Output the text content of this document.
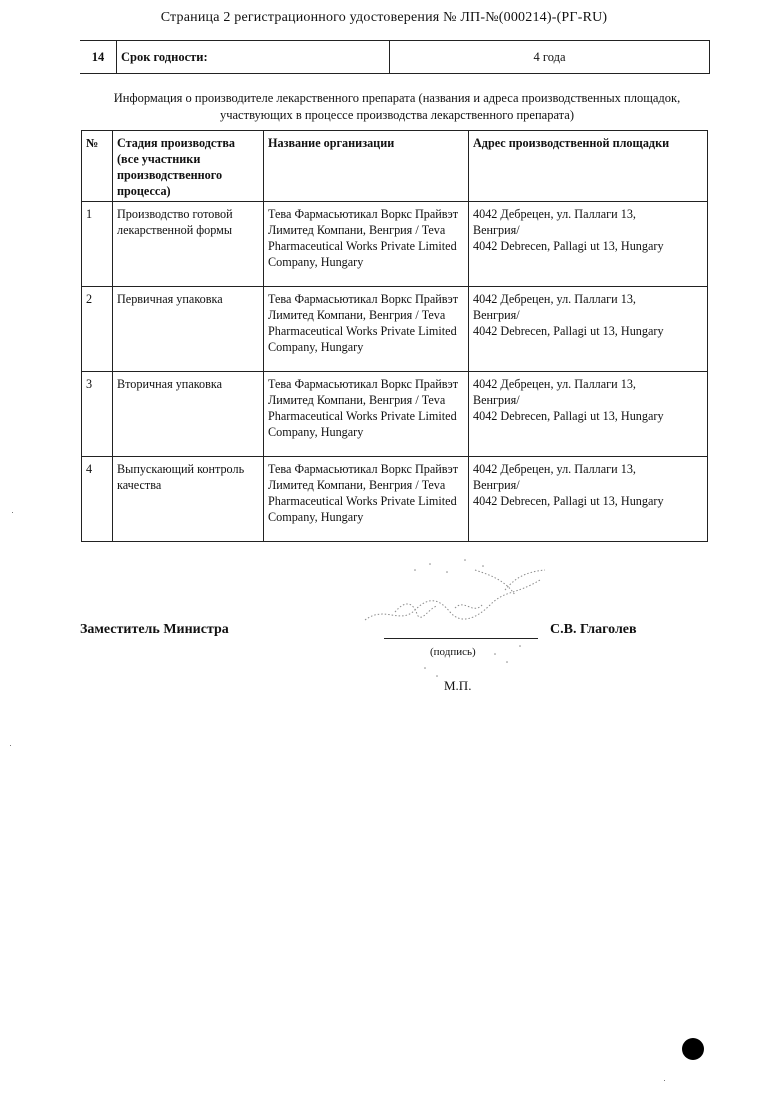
Страница 2 регистрационного удостоверения № ЛП-№(000214)-(РГ-RU)
14	Срок годности:	4 года
Информация о производителе лекарственного препарата (названия и адреса производственных площадок,
участвующих в процессе производства лекарственного препарата)
№	Стадия производства (все участники производственного процесса)	Название организации	Адрес производственной площадки
1	Производство готовой лекарственной формы	Тева Фармасьютикал Воркс Прайвэт Лимитед Компани, Венгрия / Teva Pharmaceutical Works Private Limited Company, Hungary	4042 Дебрецен, ул. Паллаги 13,
Венгрия/
4042 Debrecen, Pallagi ut 13, Hungary
2	Первичная упаковка	Тева Фармасьютикал Воркс Прайвэт Лимитед Компани, Венгрия / Teva Pharmaceutical Works Private Limited Company, Hungary	4042 Дебрецен, ул. Паллаги 13,
Венгрия/
4042 Debrecen, Pallagi ut 13, Hungary
3	Вторичная упаковка	Тева Фармасьютикал Воркс Прайвэт Лимитед Компани, Венгрия / Teva Pharmaceutical Works Private Limited Company, Hungary	4042 Дебрецен, ул. Паллаги 13,
Венгрия/
4042 Debrecen, Pallagi ut 13, Hungary
4	Выпускающий контроль качества	Тева Фармасьютикал Воркс Прайвэт Лимитед Компани, Венгрия / Teva Pharmaceutical Works Private Limited Company, Hungary	4042 Дебрецен, ул. Паллаги 13,
Венгрия/
4042 Debrecen, Pallagi ut 13, Hungary
Заместитель Министра	С.В. Глаголев
(подпись)
М.П.
